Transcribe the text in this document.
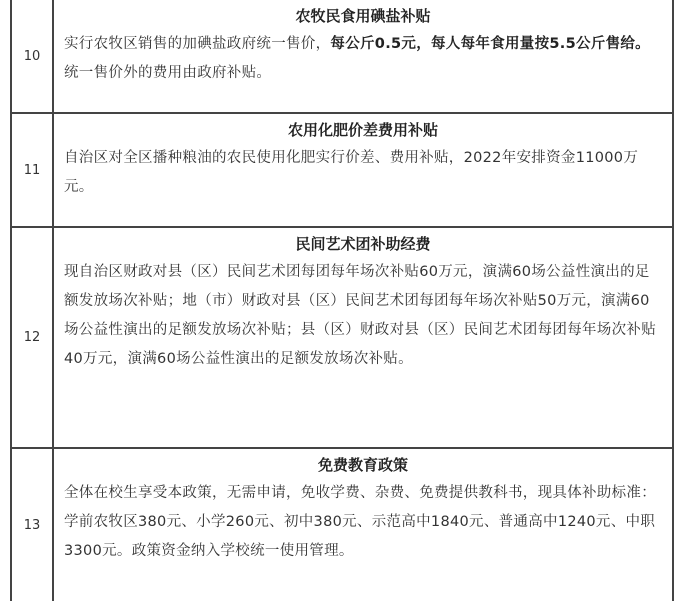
10
农牧民食用碘盐补贴
实行农牧区销售的加碘盐政府统一售价，每公斤0.5元，每人每年食用量按5.5公斤售给。统一售价外的费用由政府补贴。
11
农用化肥价差费用补贴
自治区对全区播种粮油的农民使用化肥实行价差、费用补贴，2022年安排资金11000万元。
12
民间艺术团补助经费
现自治区财政对县（区）民间艺术团每团每年场次补贴60万元，演满60场公益性演出的足额发放场次补贴；地（市）财政对县（区）民间艺术团每团每年场次补贴50万元，演满60场公益性演出的足额发放场次补贴；县（区）财政对县（区）民间艺术团每团每年场次补贴40万元，演满60场公益性演出的足额发放场次补贴。
13
免费教育政策
全体在校生享受本政策，无需申请，免收学费、杂费、免费提供教科书，现具体补助标准：学前农牧区380元、小学260元、初中380元、示范高中1840元、普通高中1240元、中职3300元。政策资金纳入学校统一使用管理。
